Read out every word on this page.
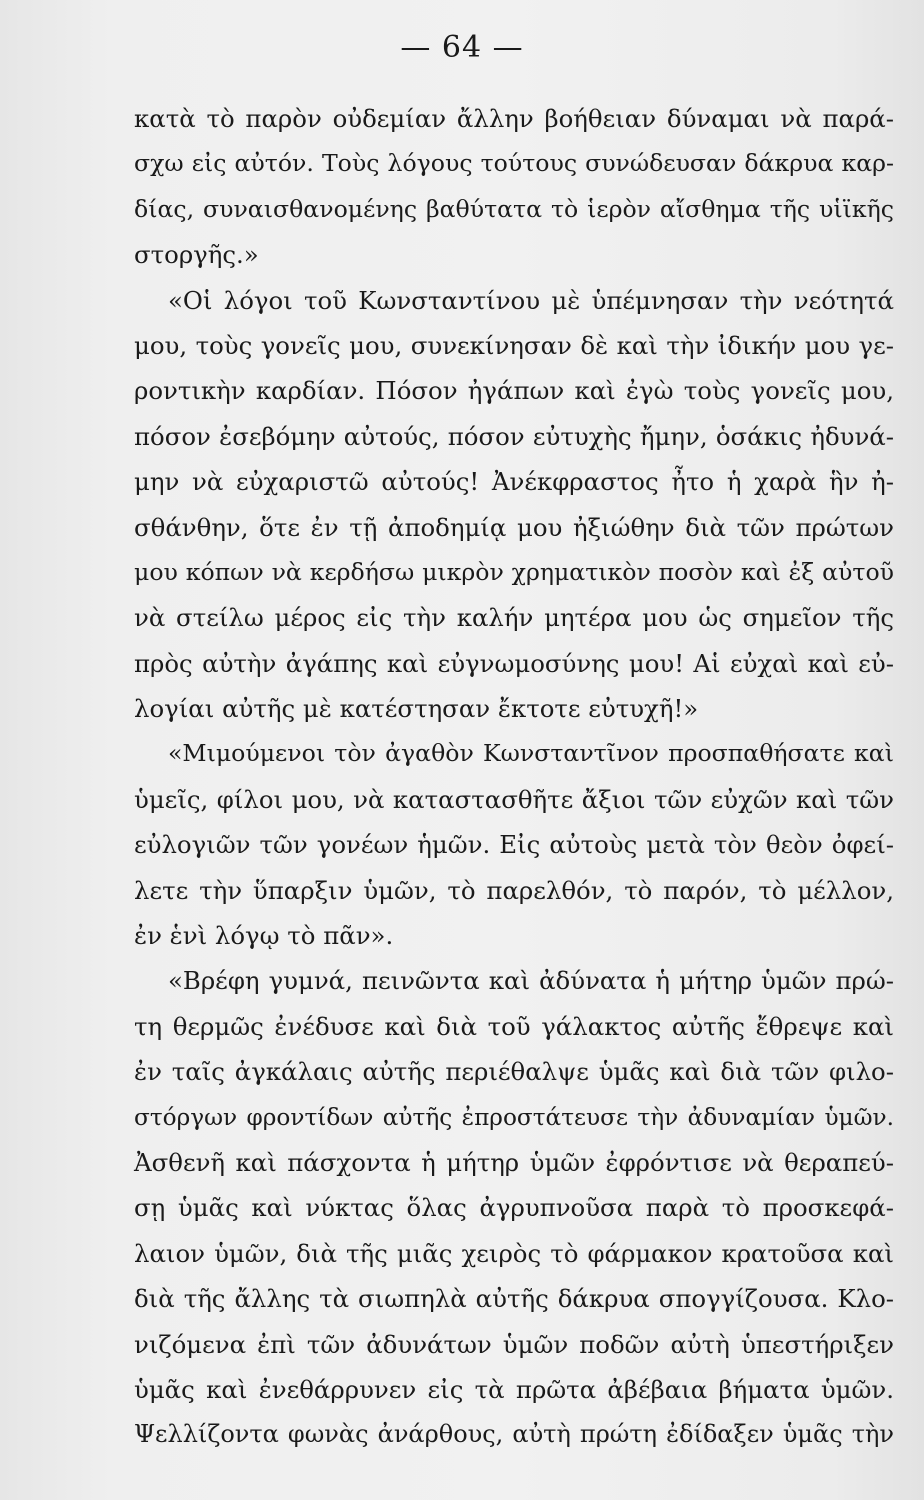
— 64 —
κατὰ τὸ παρὸν οὐδεμίαν ἄλλην βοήθειαν δύναμαι νὰ παρά-
σχω εἰς αὐτόν. Τοὺς λόγους τούτους συνώδευσαν δάκρυα καρ-
δίας, συναισθανομένης βαθύτατα τὸ ἱερὸν αἴσθημα τῆς υἱϊκῆς
στοργῆς.»
«Οἱ λόγοι τοῦ Κωνσταντίνου μὲ ὑπέμνησαν τὴν νεότητά
μου, τοὺς γονεῖς μου, συνεκίνησαν δὲ καὶ τὴν ἰδικήν μου γε-
ροντικὴν καρδίαν. Πόσον ἠγάπων καὶ ἐγὼ τοὺς γονεῖς μου,
πόσον ἐσεβόμην αὐτούς, πόσον εὐτυχὴς ἤμην, ὁσάκις ἠδυνά-
μην νὰ εὐχαριστῶ αὐτούς! Ἀνέκφραστος ἦτο ἡ χαρὰ ἣν ἠ-
σθάνθην, ὅτε ἐν τῇ ἀποδημίᾳ μου ἠξιώθην διὰ τῶν πρώτων
μου κόπων νὰ κερδήσω μικρὸν χρηματικὸν ποσὸν καὶ ἐξ αὐτοῦ
νὰ στείλω μέρος εἰς τὴν καλήν μητέρα μου ὡς σημεῖον τῆς
πρὸς αὐτὴν ἀγάπης καὶ εὐγνωμοσύνης μου! Αἱ εὐχαὶ καὶ εὐ-
λογίαι αὐτῆς μὲ κατέστησαν ἔκτοτε εὐτυχῆ!»
«Μιμούμενοι τὸν ἀγαθὸν Κωνσταντῖνον προσπαθήσατε καὶ
ὑμεῖς, φίλοι μου, νὰ καταστασθῆτε ἄξιοι τῶν εὐχῶν καὶ τῶν
εὐλογιῶν τῶν γονέων ἡμῶν. Εἰς αὐτοὺς μετὰ τὸν θεὸν ὀφεί-
λετε τὴν ὕπαρξιν ὑμῶν, τὸ παρελθόν, τὸ παρόν, τὸ μέλλον,
ἐν ἑνὶ λόγῳ τὸ πᾶν».
«Βρέφη γυμνά, πεινῶντα καὶ ἀδύνατα ἡ μήτηρ ὑμῶν πρώ-
τη θερμῶς ἐνέδυσε καὶ διὰ τοῦ γάλακτος αὐτῆς ἔθρεψε καὶ
ἐν ταῖς ἀγκάλαις αὐτῆς περιέθαλψε ὑμᾶς καὶ διὰ τῶν φιλο-
στόργων φροντίδων αὐτῆς ἐπροστάτευσε τὴν ἀδυναμίαν ὑμῶν.
Ἀσθενῆ καὶ πάσχοντα ἡ μήτηρ ὑμῶν ἐφρόντισε νὰ θεραπεύ-
σῃ ὑμᾶς καὶ νύκτας ὅλας ἀγρυπνοῦσα παρὰ τὸ προσκεφά-
λαιον ὑμῶν, διὰ τῆς μιᾶς χειρὸς τὸ φάρμακον κρατοῦσα καὶ
διὰ τῆς ἄλλης τὰ σιωπηλὰ αὐτῆς δάκρυα σπογγίζουσα. Κλο-
νιζόμενα ἐπὶ τῶν ἀδυνάτων ὑμῶν ποδῶν αὐτὴ ὑπεστήριξεν
ὑμᾶς καὶ ἐνεθάρρυνεν εἰς τὰ πρῶτα ἀβέβαια βήματα ὑμῶν.
Ψελλίζοντα φωνὰς ἀνάρθους, αὐτὴ πρώτη ἐδίδαξεν ὑμᾶς τὴν
